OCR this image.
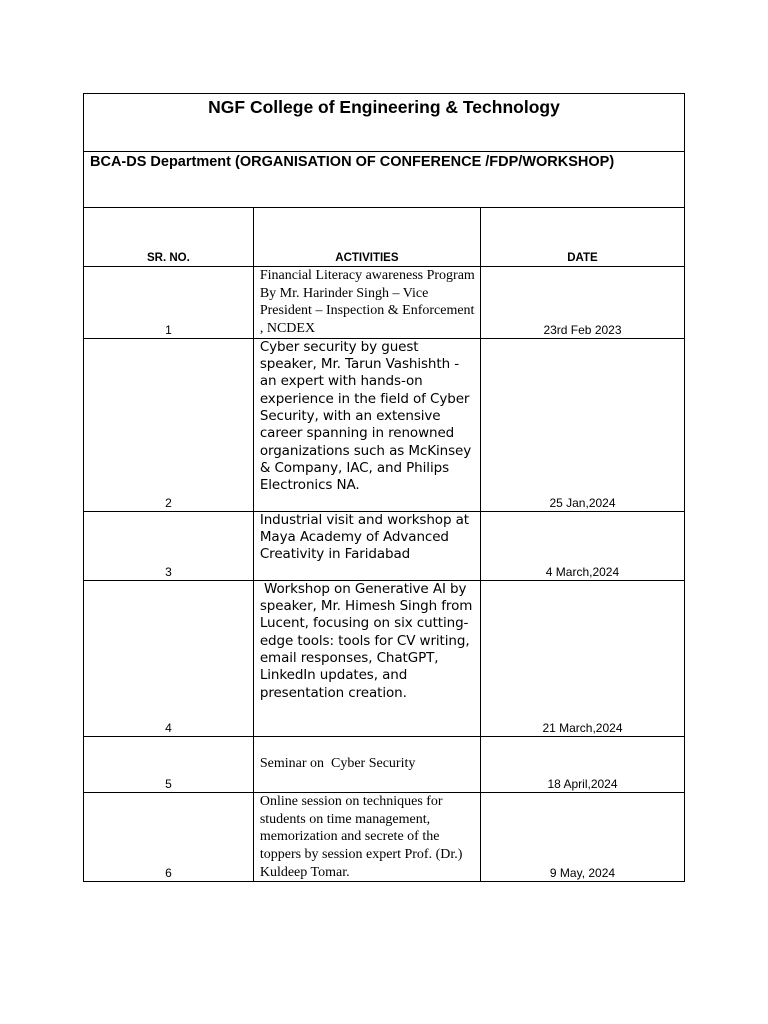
NGF College of Engineering & Technology		
BCA-DS Department (ORGANISATION OF CONFERENCE /FDP/WORKSHOP)		
SR. NO.	ACTIVITIES	DATE
1	Financial Literacy awareness Program By Mr. Harinder Singh – Vice President – Inspection & Enforcement , NCDEX	23rd Feb 2023
2	Cyber security by guest speaker, Mr. Tarun Vashishth - an expert with hands-on experience in the field of Cyber Security, with an extensive career spanning in renowned organizations such as McKinsey & Company, IAC, and Philips Electronics NA.	25 Jan,2024
3	Industrial visit and workshop at Maya Academy of Advanced Creativity in Faridabad	4 March,2024
4	Workshop on Generative AI by speaker, Mr. Himesh Singh from Lucent, focusing on six cutting-edge tools: tools for CV writing, email responses, ChatGPT, LinkedIn updates, and presentation creation.	21 March,2024
5	Seminar on  Cyber Security	18 April,2024
6	Online session on techniques for students on time management, memorization and secrete of the toppers by session expert Prof. (Dr.) Kuldeep Tomar.	9 May, 2024
